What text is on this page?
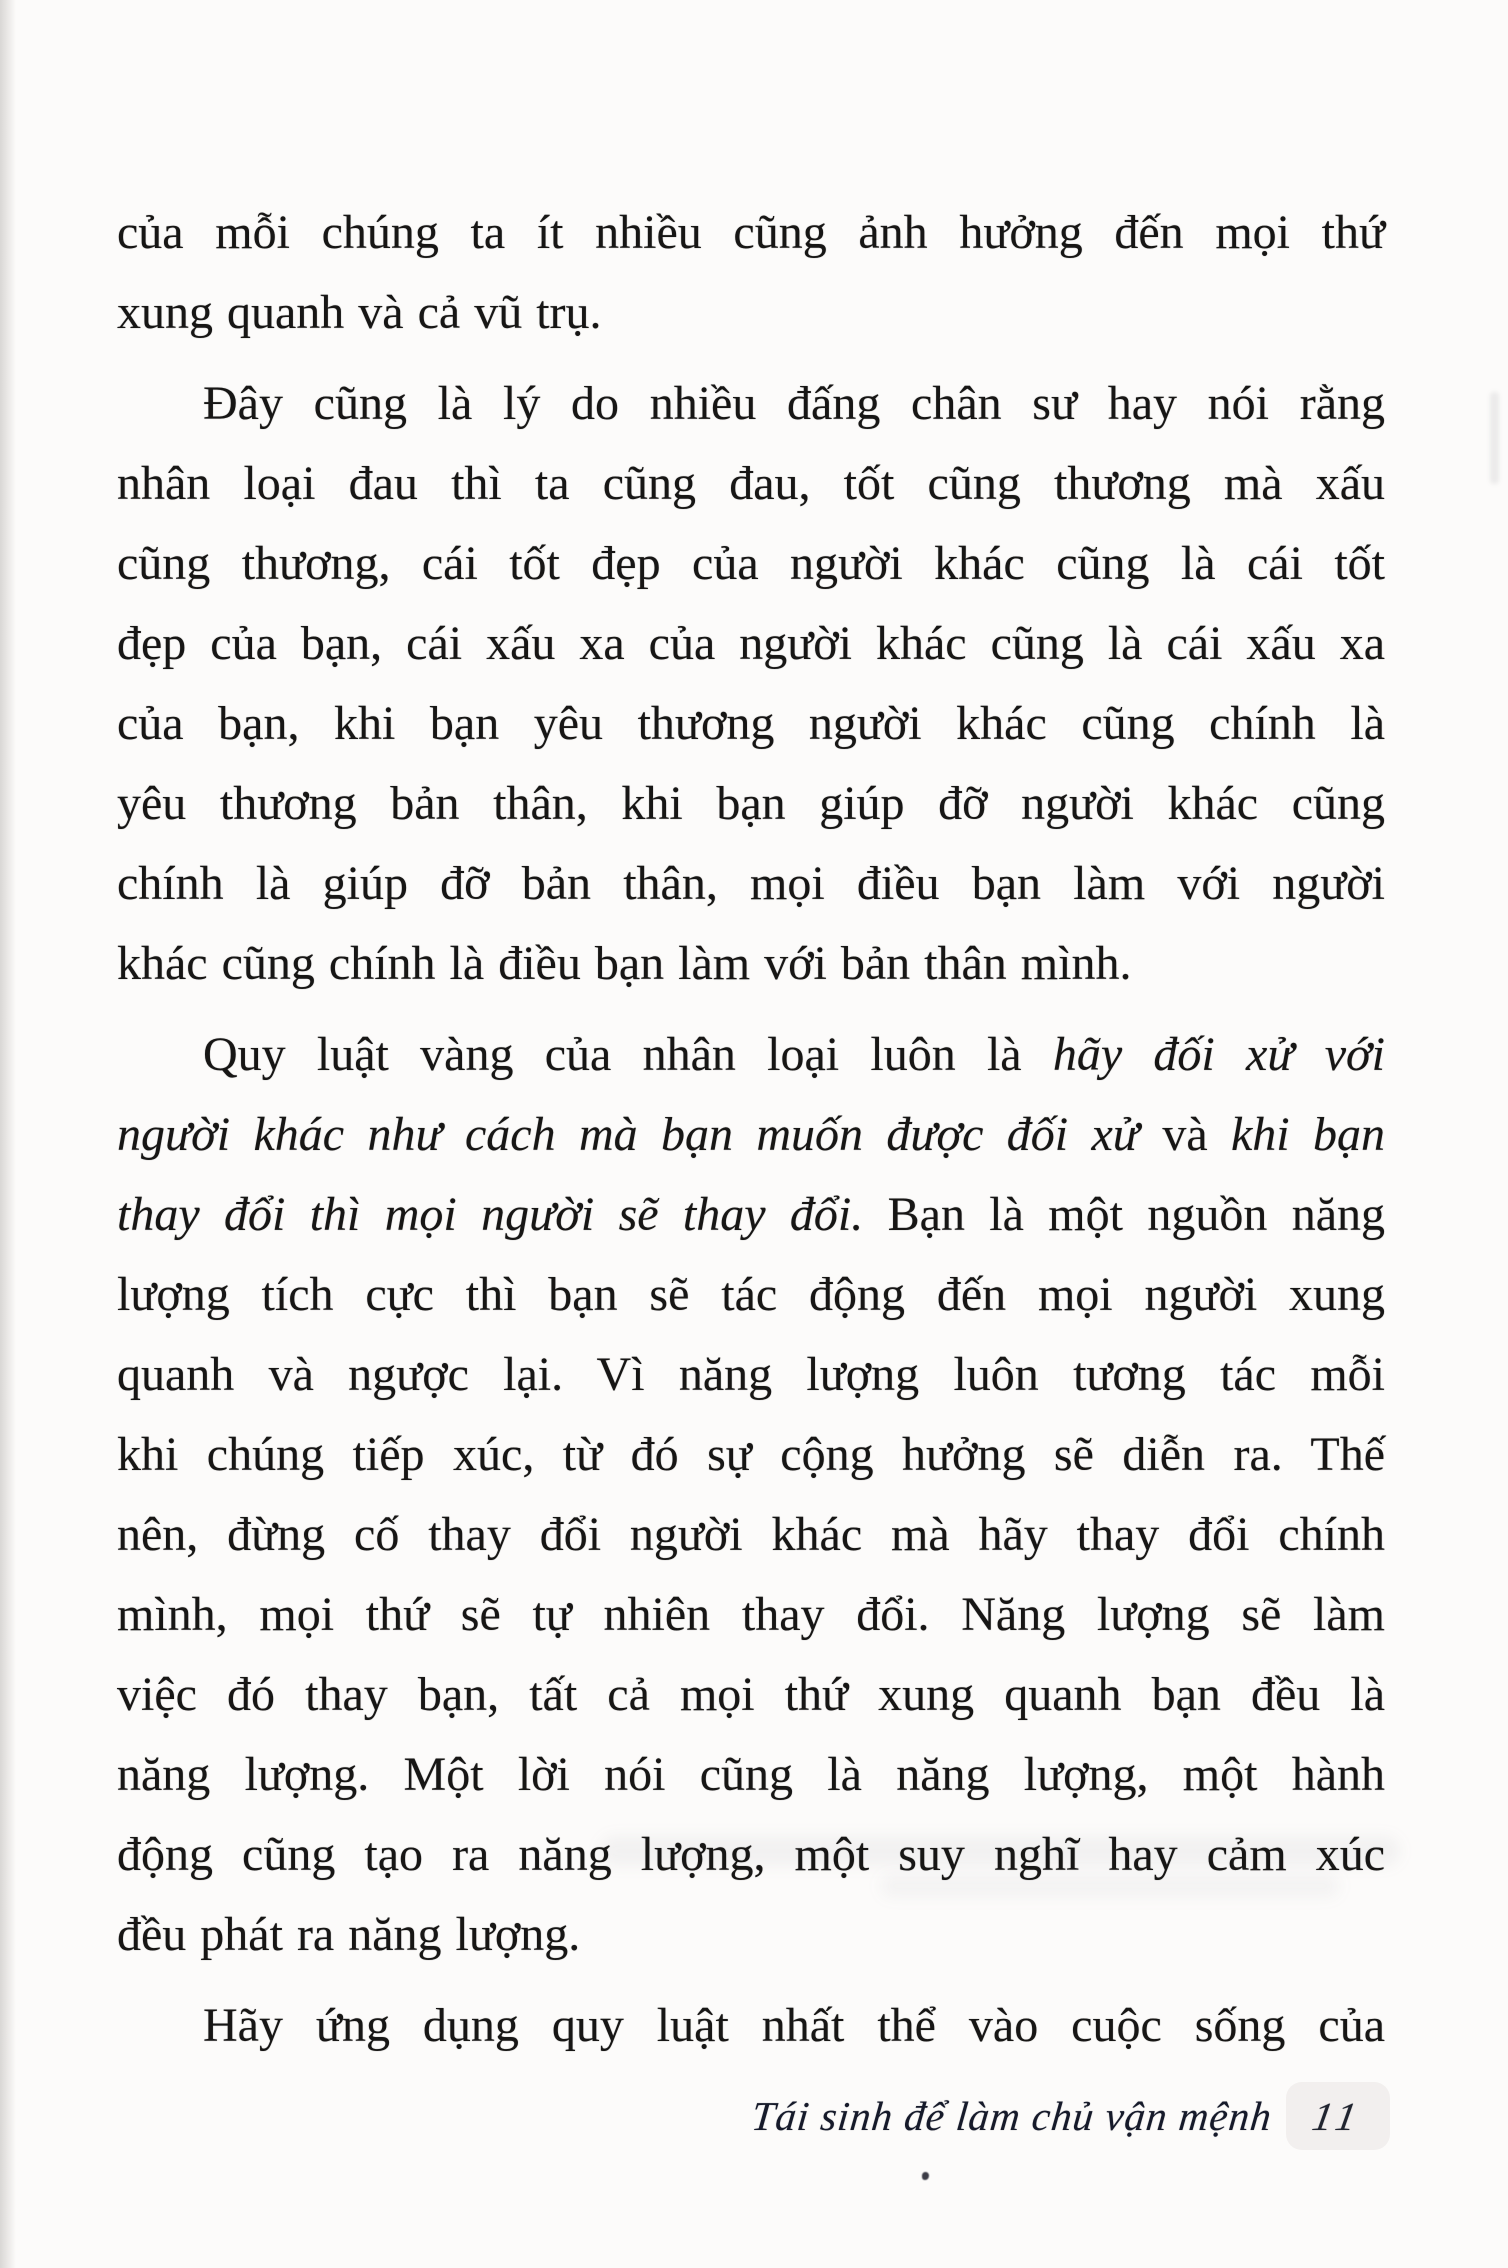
của mỗi chúng ta ít nhiều cũng ảnh hưởng đến mọi thứ
xung quanh và cả vũ trụ.
Đây cũng là lý do nhiều đấng chân sư hay nói rằng
nhân loại đau thì ta cũng đau, tốt cũng thương mà xấu
cũng thương, cái tốt đẹp của người khác cũng là cái tốt
đẹp của bạn, cái xấu xa của người khác cũng là cái xấu xa
của bạn, khi bạn yêu thương người khác cũng chính là
yêu thương bản thân, khi bạn giúp đỡ người khác cũng
chính là giúp đỡ bản thân, mọi điều bạn làm với người
khác cũng chính là điều bạn làm với bản thân mình.
Quy luật vàng của nhân loại luôn là hãy đối xử với
người khác như cách mà bạn muốn được đối xử và khi bạn
thay đổi thì mọi người sẽ thay đổi. Bạn là một nguồn năng
lượng tích cực thì bạn sẽ tác động đến mọi người xung
quanh và ngược lại. Vì năng lượng luôn tương tác mỗi
khi chúng tiếp xúc, từ đó sự cộng hưởng sẽ diễn ra. Thế
nên, đừng cố thay đổi người khác mà hãy thay đổi chính
mình, mọi thứ sẽ tự nhiên thay đổi. Năng lượng sẽ làm
việc đó thay bạn, tất cả mọi thứ xung quanh bạn đều là
năng lượng. Một lời nói cũng là năng lượng, một hành
động cũng tạo ra năng lượng, một suy nghĩ hay cảm xúc
đều phát ra năng lượng.
Hãy ứng dụng quy luật nhất thể vào cuộc sống của
Tái sinh để làm chủ vận mệnh 11
